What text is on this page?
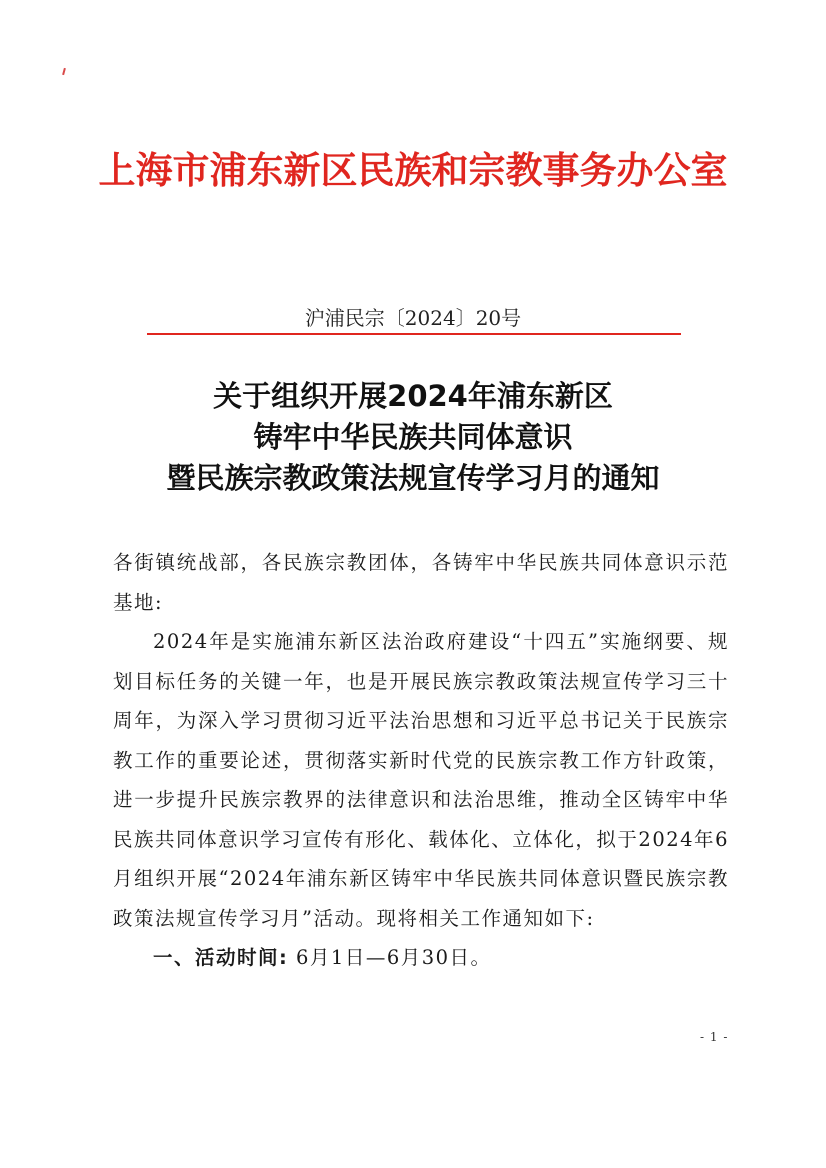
上海市浦东新区民族和宗教事务办公室
沪浦民宗〔2024〕20号
关于组织开展2024年浦东新区
铸牢中华民族共同体意识
暨民族宗教政策法规宣传学习月的通知

各街镇统战部，各民族宗教团体，各铸牢中华民族共同体意识示范基地:

2024年是实施浦东新区法治政府建设“十四五”实施纲要、规划目标任务的关键一年，也是开展民族宗教政策法规宣传学习三十周年，为深入学习贯彻习近平法治思想和习近平总书记关于民族宗教工作的重要论述，贯彻落实新时代党的民族宗教工作方针政策，进一步提升民族宗教界的法律意识和法治思维，推动全区铸牢中华民族共同体意识学习宣传有形化、载体化、立体化，拟于2024年6月组织开展“2024年浦东新区铸牢中华民族共同体意识暨民族宗教政策法规宣传学习月”活动。现将相关工作通知如下:

一、活动时间: 6月1日—6月30日。

- 1 -
